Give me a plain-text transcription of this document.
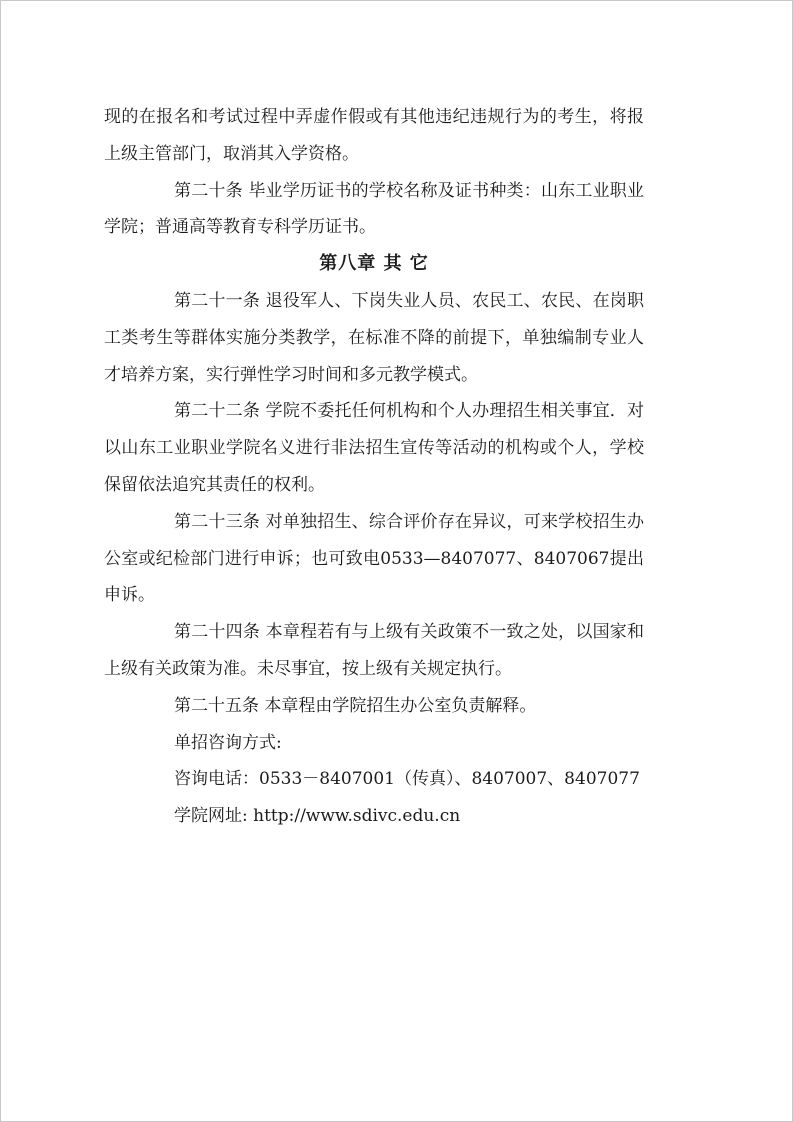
现的在报名和考试过程中弄虚作假或有其他违纪违规行为的考生，将报上级主管部门，取消其入学资格。

第二十条 毕业学历证书的学校名称及证书种类：山东工业职业学院；普通高等教育专科学历证书。

第八章 其 它

第二十一条 退役军人、下岗失业人员、农民工、农民、在岗职工类考生等群体实施分类教学，在标准不降的前提下，单独编制专业人才培养方案，实行弹性学习时间和多元教学模式。

第二十二条 学院不委托任何机构和个人办理招生相关事宜．对以山东工业职业学院名义进行非法招生宣传等活动的机构或个人，学校保留依法追究其责任的权利。

第二十三条 对单独招生、综合评价存在异议，可来学校招生办公室或纪检部门进行申诉；也可致电0533—8407077、8407067提出申诉。

第二十四条 本章程若有与上级有关政策不一致之处，以国家和上级有关政策为准。未尽事宜，按上级有关规定执行。

第二十五条 本章程由学院招生办公室负责解释。

单招咨询方式:

咨询电话：0533－8407001（传真）、8407007、8407077

学院网址: http://www.sdivc.edu.cn
